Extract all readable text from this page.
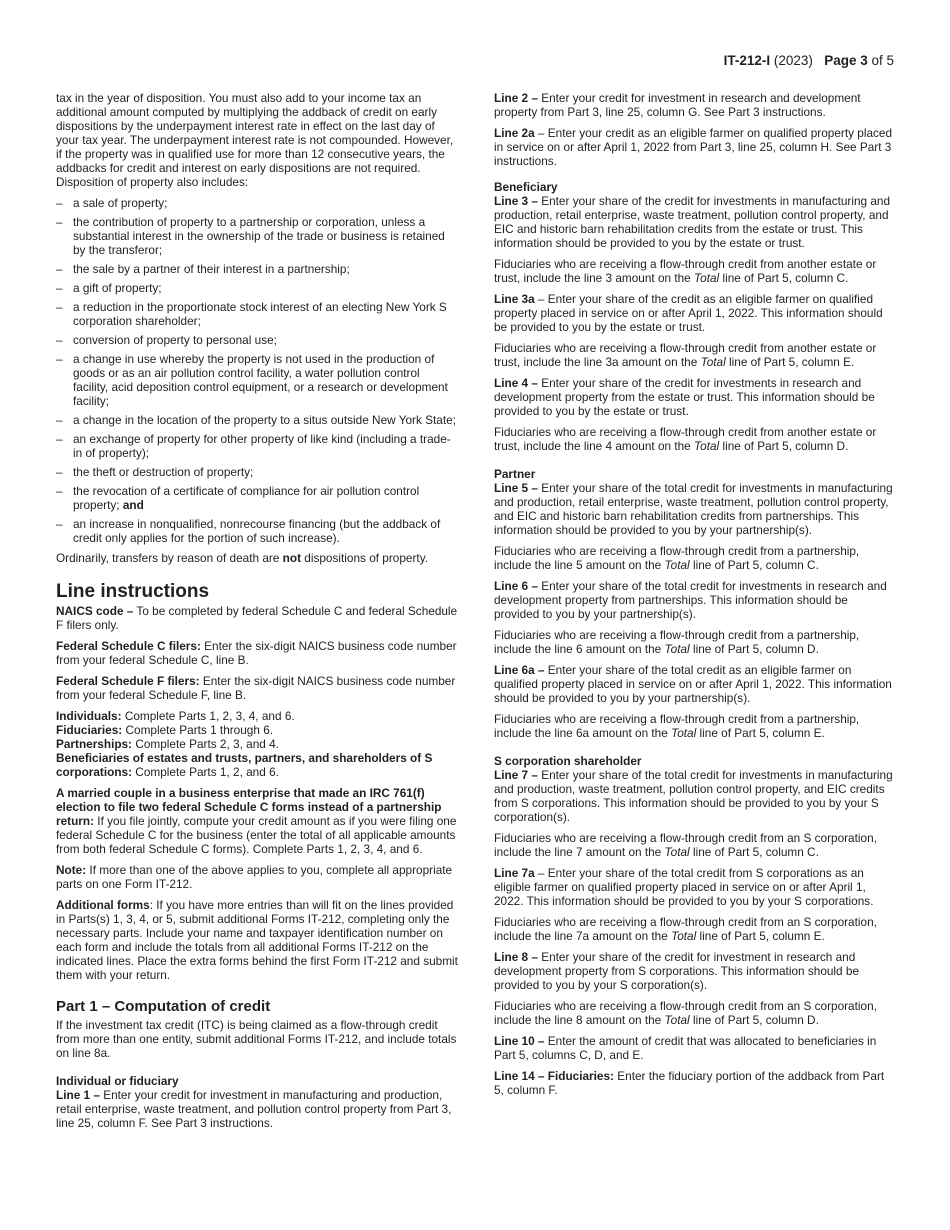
IT-212-I (2023) Page 3 of 5

tax in the year of disposition. You must also add to your income tax an additional amount computed by multiplying the addback of credit on early dispositions by the underpayment interest rate in effect on the last day of your tax year. The underpayment interest rate is not compounded. However, if the property was in qualified use for more than 12 consecutive years, the addbacks for credit and interest on early dispositions are not required. Disposition of property also includes:

– a sale of property;
– the contribution of property to a partnership or corporation, unless a substantial interest in the ownership of the trade or business is retained by the transferor;
– the sale by a partner of their interest in a partnership;
– a gift of property;
– a reduction in the proportionate stock interest of an electing New York S corporation shareholder;
– conversion of property to personal use;
– a change in use whereby the property is not used in the production of goods or as an air pollution control facility, a water pollution control facility, acid deposition control equipment, or a research or development facility;
– a change in the location of the property to a situs outside New York State;
– an exchange of property for other property of like kind (including a trade-in of property);
– the theft or destruction of property;
– the revocation of a certificate of compliance for air pollution control property; and
– an increase in nonqualified, nonrecourse financing (but the addback of credit only applies for the portion of such increase).

Ordinarily, transfers by reason of death are not dispositions of property.

Line instructions

NAICS code – To be completed by federal Schedule C and federal Schedule F filers only.

Federal Schedule C filers: Enter the six-digit NAICS business code number from your federal Schedule C, line B.

Federal Schedule F filers: Enter the six-digit NAICS business code number from your federal Schedule F, line B.

Individuals: Complete Parts 1, 2, 3, 4, and 6.
Fiduciaries: Complete Parts 1 through 6.
Partnerships: Complete Parts 2, 3, and 4.
Beneficiaries of estates and trusts, partners, and shareholders of S corporations: Complete Parts 1, 2, and 6.

A married couple in a business enterprise that made an IRC 761(f) election to file two federal Schedule C forms instead of a partnership return: If you file jointly, compute your credit amount as if you were filing one federal Schedule C for the business (enter the total of all applicable amounts from both federal Schedule C forms). Complete Parts 1, 2, 3, 4, and 6.

Note: If more than one of the above applies to you, complete all appropriate parts on one Form IT-212.

Additional forms: If you have more entries than will fit on the lines provided in Parts(s) 1, 3, 4, or 5, submit additional Forms IT-212, completing only the necessary parts. Include your name and taxpayer identification number on each form and include the totals from all additional Forms IT-212 on the indicated lines. Place the extra forms behind the first Form IT-212 and submit them with your return.

Part 1 – Computation of credit

If the investment tax credit (ITC) is being claimed as a flow-through credit from more than one entity, submit additional Forms IT-212, and include totals on line 8a.

Individual or fiduciary

Line 1 – Enter your credit for investment in manufacturing and production, retail enterprise, waste treatment, and pollution control property from Part 3, line 25, column F. See Part 3 instructions.

Line 2 – Enter your credit for investment in research and development property from Part 3, line 25, column G. See Part 3 instructions.

Line 2a – Enter your credit as an eligible farmer on qualified property placed in service on or after April 1, 2022 from Part 3, line 25, column H. See Part 3 instructions.

Beneficiary

Line 3 – Enter your share of the credit for investments in manufacturing and production, retail enterprise, waste treatment, pollution control property, and EIC and historic barn rehabilitation credits from the estate or trust. This information should be provided to you by the estate or trust.

Fiduciaries who are receiving a flow-through credit from another estate or trust, include the line 3 amount on the Total line of Part 5, column C.

Line 3a – Enter your share of the credit as an eligible farmer on qualified property placed in service on or after April 1, 2022. This information should be provided to you by the estate or trust.

Fiduciaries who are receiving a flow-through credit from another estate or trust, include the line 3a amount on the Total line of Part 5, column E.

Line 4 – Enter your share of the credit for investments in research and development property from the estate or trust. This information should be provided to you by the estate or trust.

Fiduciaries who are receiving a flow-through credit from another estate or trust, include the line 4 amount on the Total line of Part 5, column D.

Partner

Line 5 – Enter your share of the total credit for investments in manufacturing and production, retail enterprise, waste treatment, pollution control property, and EIC and historic barn rehabilitation credits from partnerships. This information should be provided to you by your partnership(s).

Fiduciaries who are receiving a flow-through credit from a partnership, include the line 5 amount on the Total line of Part 5, column C.

Line 6 – Enter your share of the total credit for investments in research and development property from partnerships. This information should be provided to you by your partnership(s).

Fiduciaries who are receiving a flow-through credit from a partnership, include the line 6 amount on the Total line of Part 5, column D.

Line 6a – Enter your share of the total credit as an eligible farmer on qualified property placed in service on or after April 1, 2022. This information should be provided to you by your partnership(s).

Fiduciaries who are receiving a flow-through credit from a partnership, include the line 6a amount on the Total line of Part 5, column E.

S corporation shareholder

Line 7 – Enter your share of the total credit for investments in manufacturing and production, waste treatment, pollution control property, and EIC credits from S corporations. This information should be provided to you by your S corporation(s).

Fiduciaries who are receiving a flow-through credit from an S corporation, include the line 7 amount on the Total line of Part 5, column C.

Line 7a – Enter your share of the total credit from S corporations as an eligible farmer on qualified property placed in service on or after April 1, 2022. This information should be provided to you by your S corporations.

Fiduciaries who are receiving a flow-through credit from an S corporation, include the line 7a amount on the Total line of Part 5, column E.

Line 8 – Enter your share of the credit for investment in research and development property from S corporations. This information should be provided to you by your S corporation(s).

Fiduciaries who are receiving a flow-through credit from an S corporation, include the line 8 amount on the Total line of Part 5, column D.

Line 10 – Enter the amount of credit that was allocated to beneficiaries in Part 5, columns C, D, and E.

Line 14 – Fiduciaries: Enter the fiduciary portion of the addback from Part 5, column F.
